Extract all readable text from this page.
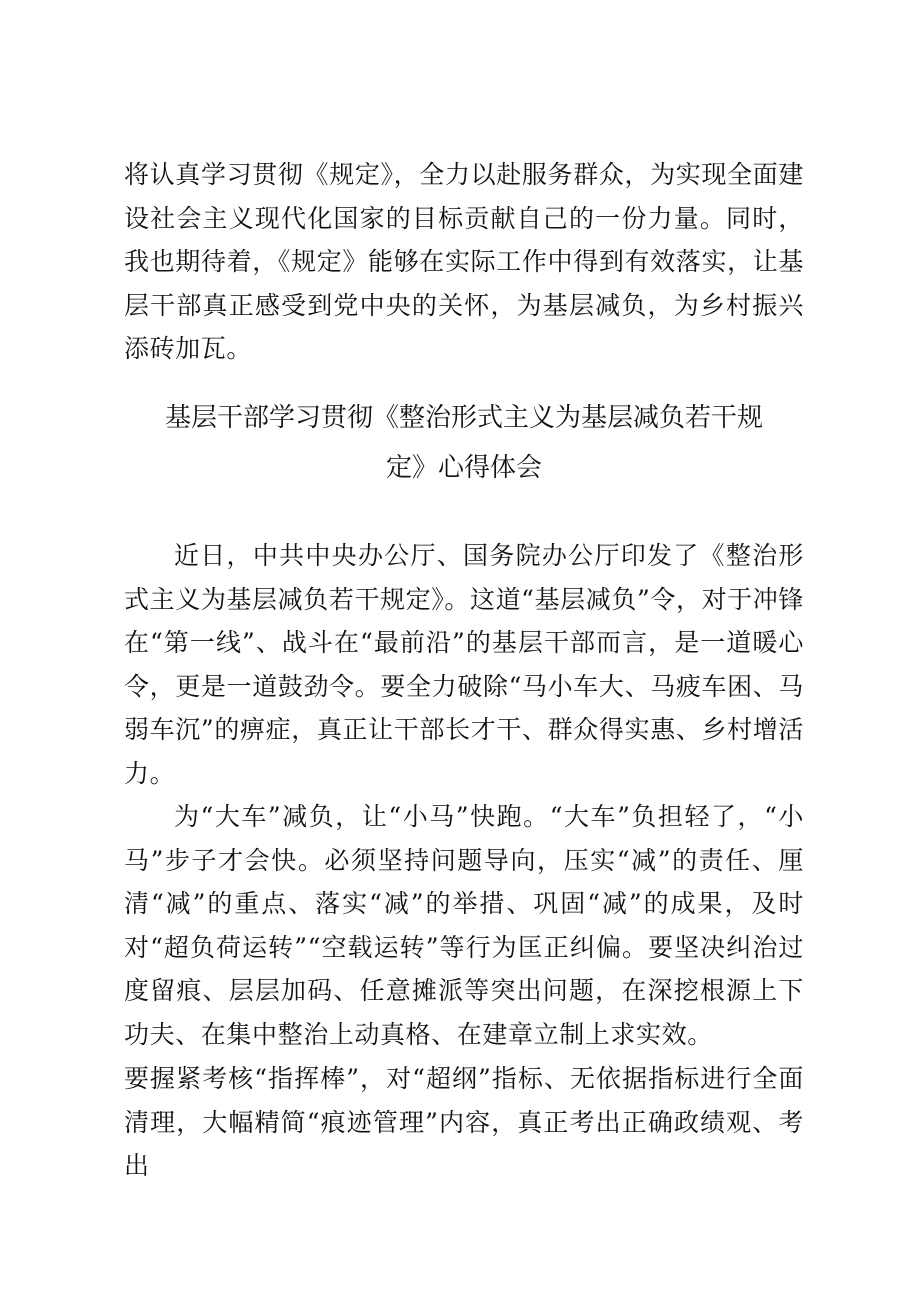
将认真学习贯彻《规定》，全力以赴服务群众，为实现全面建设社会主义现代化国家的目标贡献自己的一份力量。同时，我也期待着，《规定》能够在实际工作中得到有效落实，让基层干部真正感受到党中央的关怀，为基层减负，为乡村振兴添砖加瓦。

基层干部学习贯彻《整治形式主义为基层减负若干规
定》心得体会

近日，中共中央办公厅、国务院办公厅印发了《整治形式主义为基层减负若干规定》。这道“基层减负”令，对于冲锋在“第一线”、战斗在“最前沿”的基层干部而言，是一道暖心令，更是一道鼓劲令。要全力破除“马小车大、马疲车困、马弱车沉”的痹症，真正让干部长才干、群众得实惠、乡村增活力。

为“大车”减负，让“小马”快跑。“大车”负担轻了，“小马”步子才会快。必须坚持问题导向，压实“减”的责任、厘清“减”的重点、落实“减”的举措、巩固“减”的成果，及时对“超负荷运转”“空载运转”等行为匡正纠偏。要坚决纠治过度留痕、层层加码、任意摊派等突出问题，在深挖根源上下功夫、在集中整治上动真格、在建章立制上求实效。

要握紧考核“指挥棒”，对“超纲”指标、无依据指标进行全面清理，大幅精简“痕迹管理”内容，真正考出正确政绩观、考出
